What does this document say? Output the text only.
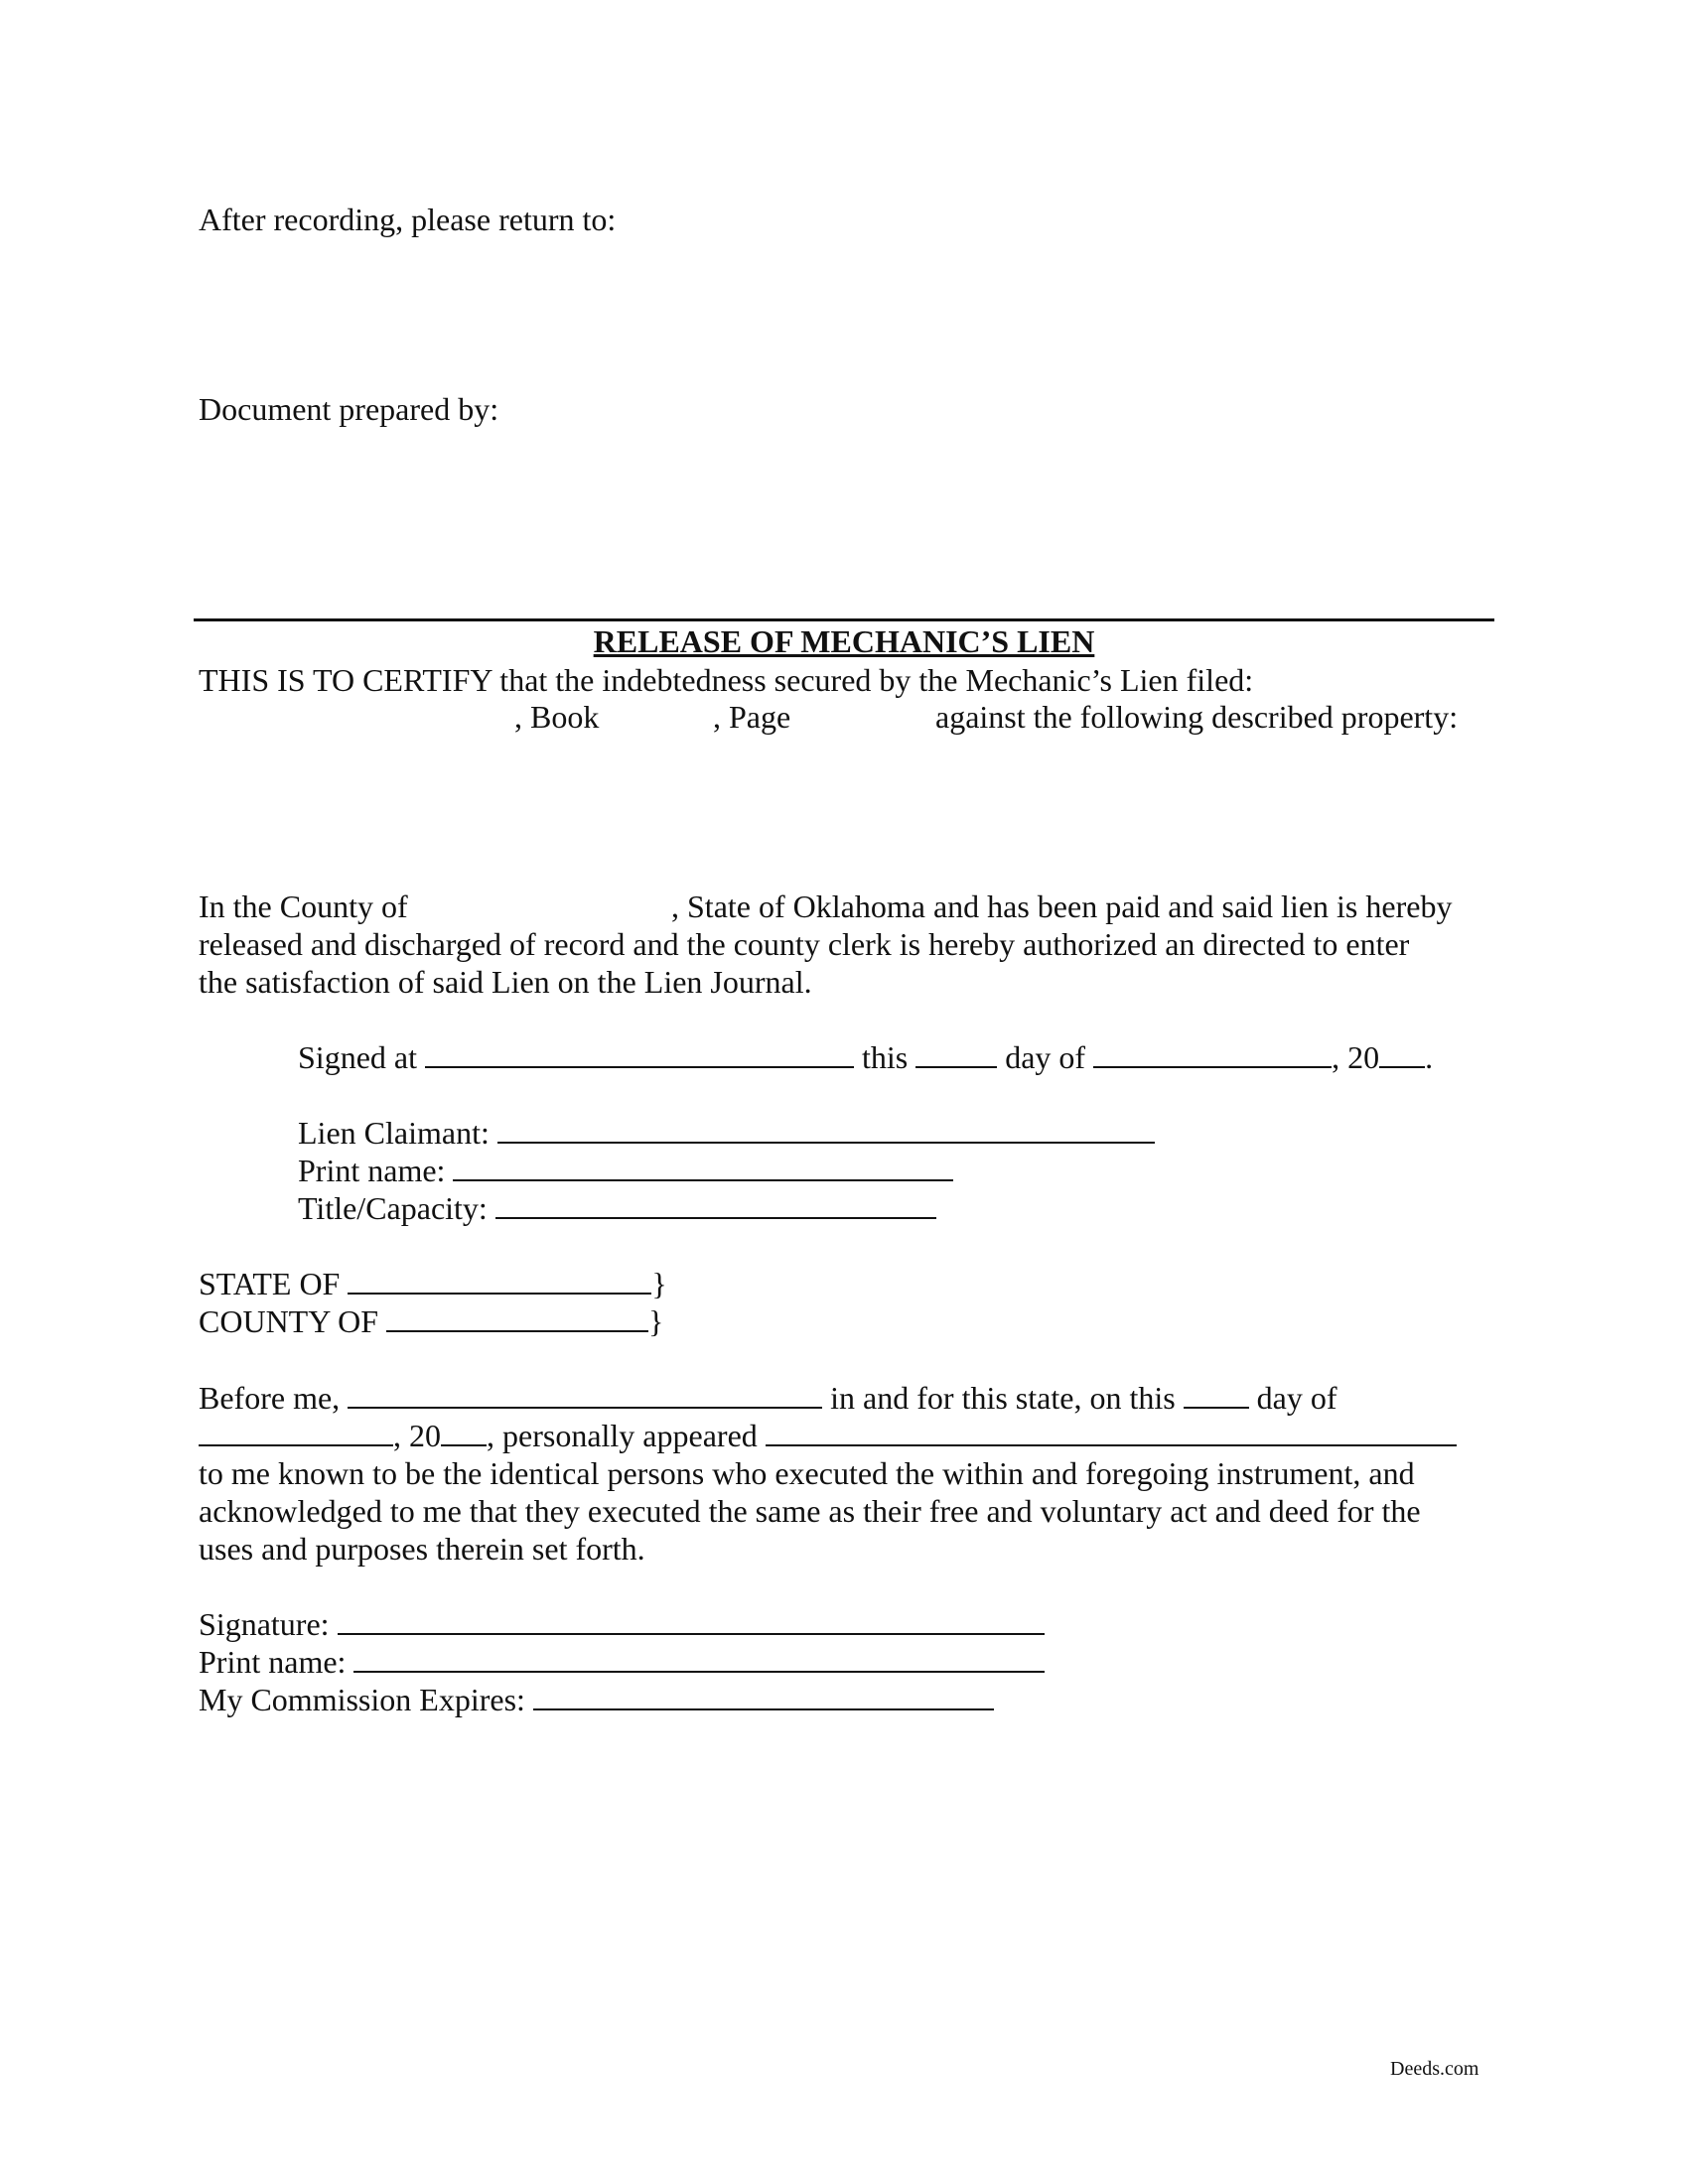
After recording, please return to:
Document prepared by:
RELEASE OF MECHANIC’S LIEN
THIS IS TO CERTIFY that the indebtedness secured by the Mechanic’s Lien filed:
, Book	, Page	against the following described property:
In the County of	, State of Oklahoma and has been paid and said lien is hereby
released and discharged of record and the county clerk is hereby authorized an directed to enter
the satisfaction of said Lien on the Lien Journal.
Signed at	this	day of	, 20 .
Lien Claimant:
Print name:
Title/Capacity:
STATE OF	}
COUNTY OF	}
Before me,	in and for this state, on this	day of
, 20 , personally appeared
to me known to be the identical persons who executed the within and foregoing instrument, and
acknowledged to me that they executed the same as their free and voluntary act and deed for the
uses and purposes therein set forth.
Signature:
Print name:
My Commission Expires:
Deeds.com
